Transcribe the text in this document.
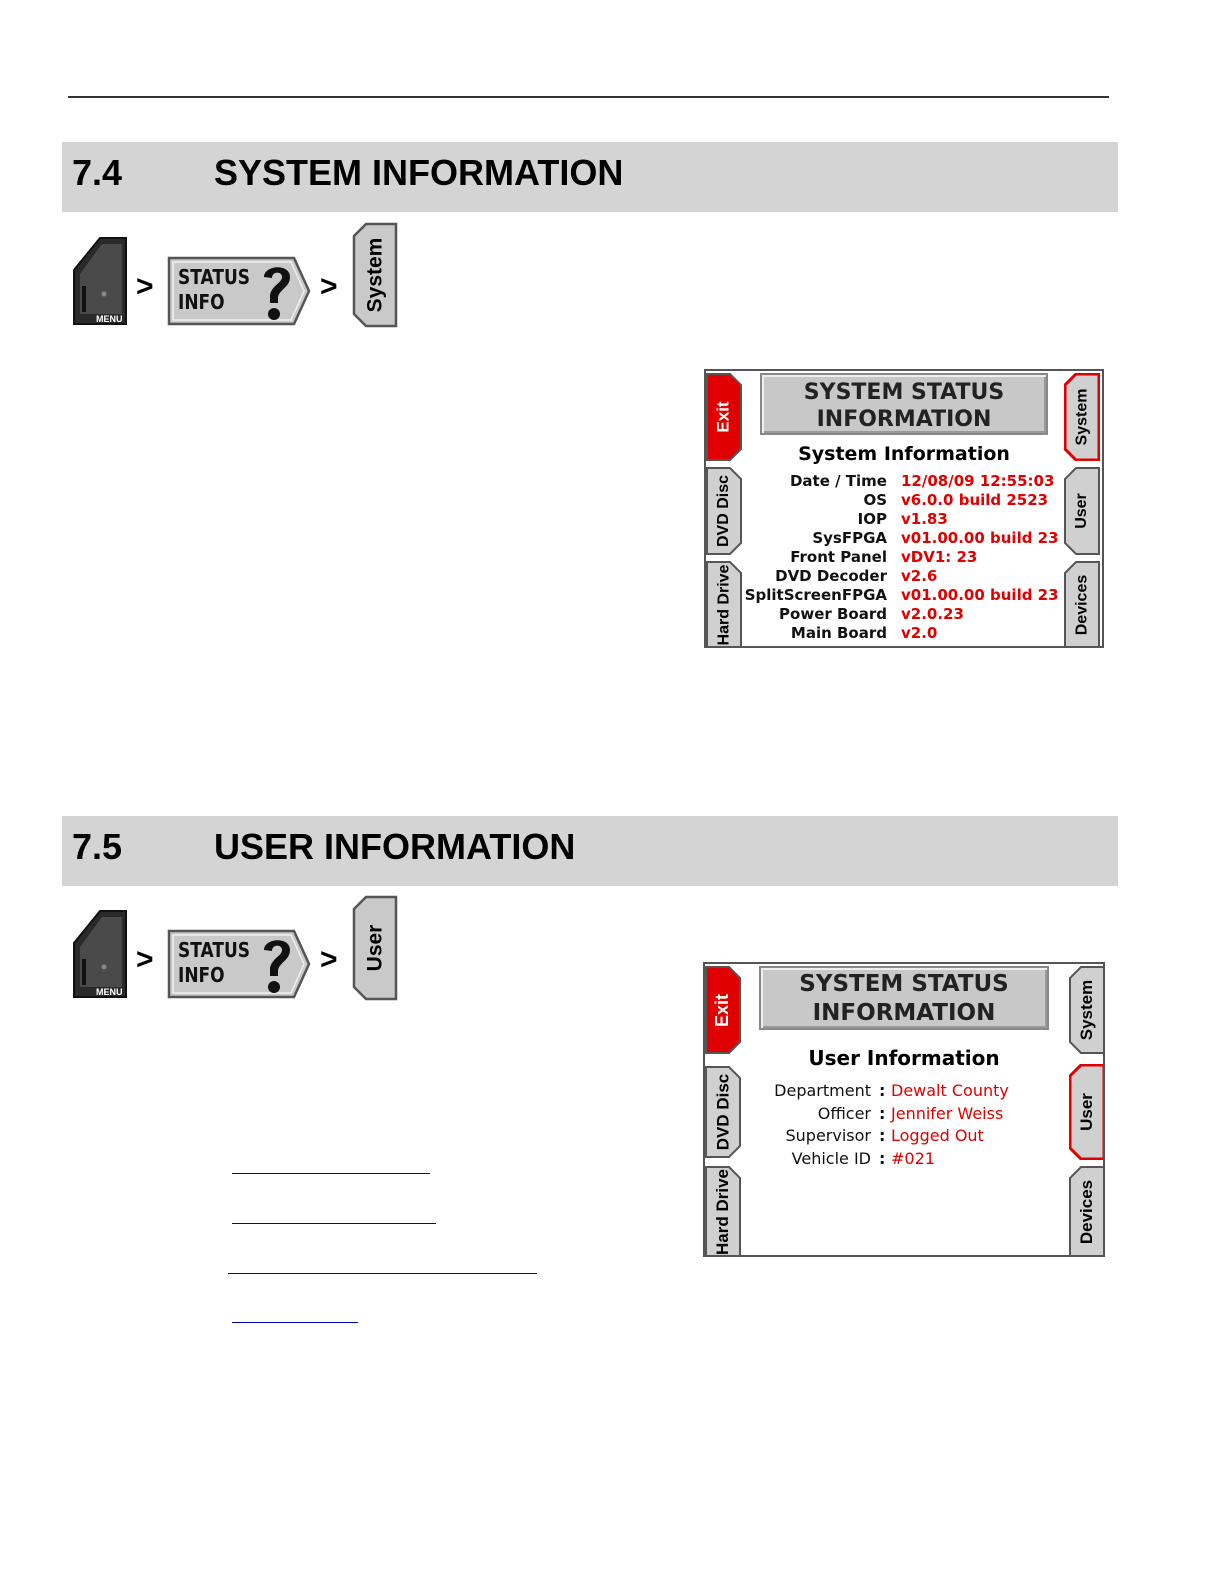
7.4	SYSTEM INFORMATION
MENU
> STATUS
INFO	> System
Exit
DVD Disc
Hard Drive
System
User
Devices
SYSTEM STATUS
INFORMATION
System Information
Date / Time 12/08/09 12:55:03
OS v6.0.0 build 2523
IOP v1.83
SysFPGA v01.00.00 build 23
Front Panel vDV1: 23
DVD Decoder v2.6
SplitScreenFPGA v01.00.00 build 23
Power Board v2.0.23
Main Board v2.0
7.5	USER INFORMATION
MENU
> STATUS
INFO	> User
Exit
DVD Disc
Hard Drive
System
User
Devices
SYSTEM STATUS
INFORMATION
User Information
Department : Dewalt County
Officer : Jennifer Weiss
Supervisor : Logged Out
Vehicle ID : #021
